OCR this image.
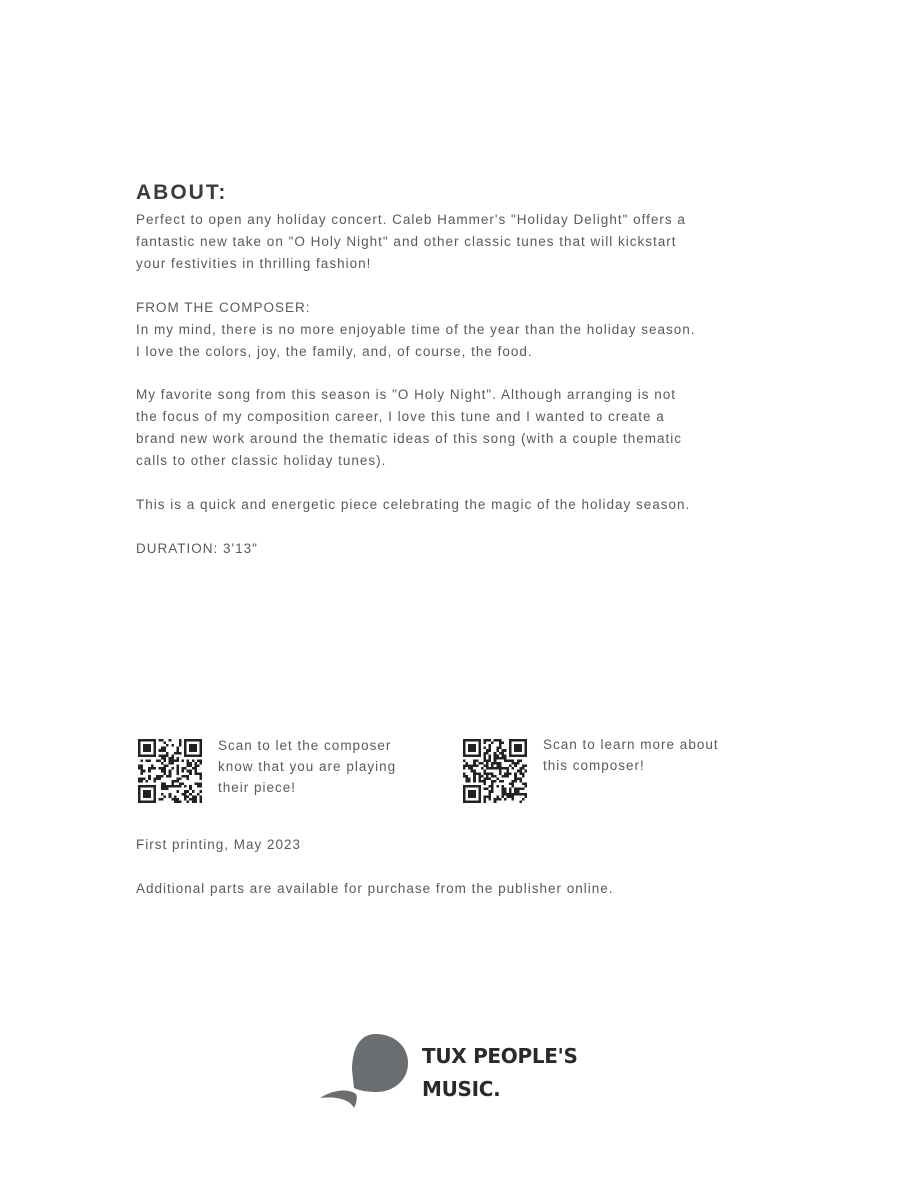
ABOUT:

Perfect to open any holiday concert. Caleb Hammer's "Holiday Delight" offers a
fantastic new take on "O Holy Night" and other classic tunes that will kickstart
your festivities in thrilling fashion!

FROM THE COMPOSER:
In my mind, there is no more enjoyable time of the year than the holiday season.
I love the colors, joy, the family, and, of course, the food.

My favorite song from this season is "O Holy Night". Although arranging is not
the focus of my composition career, I love this tune and I wanted to create a
brand new work around the thematic ideas of this song (with a couple thematic
calls to other classic holiday tunes).

This is a quick and energetic piece celebrating the magic of the holiday season.

DURATION: 3'13"

Scan to let the composer
know that you are playing
their piece!
Scan to learn more about
this composer!
First printing, May 2023
Additional parts are available for purchase from the publisher online.
TUX PEOPLE'S
MUSIC.
